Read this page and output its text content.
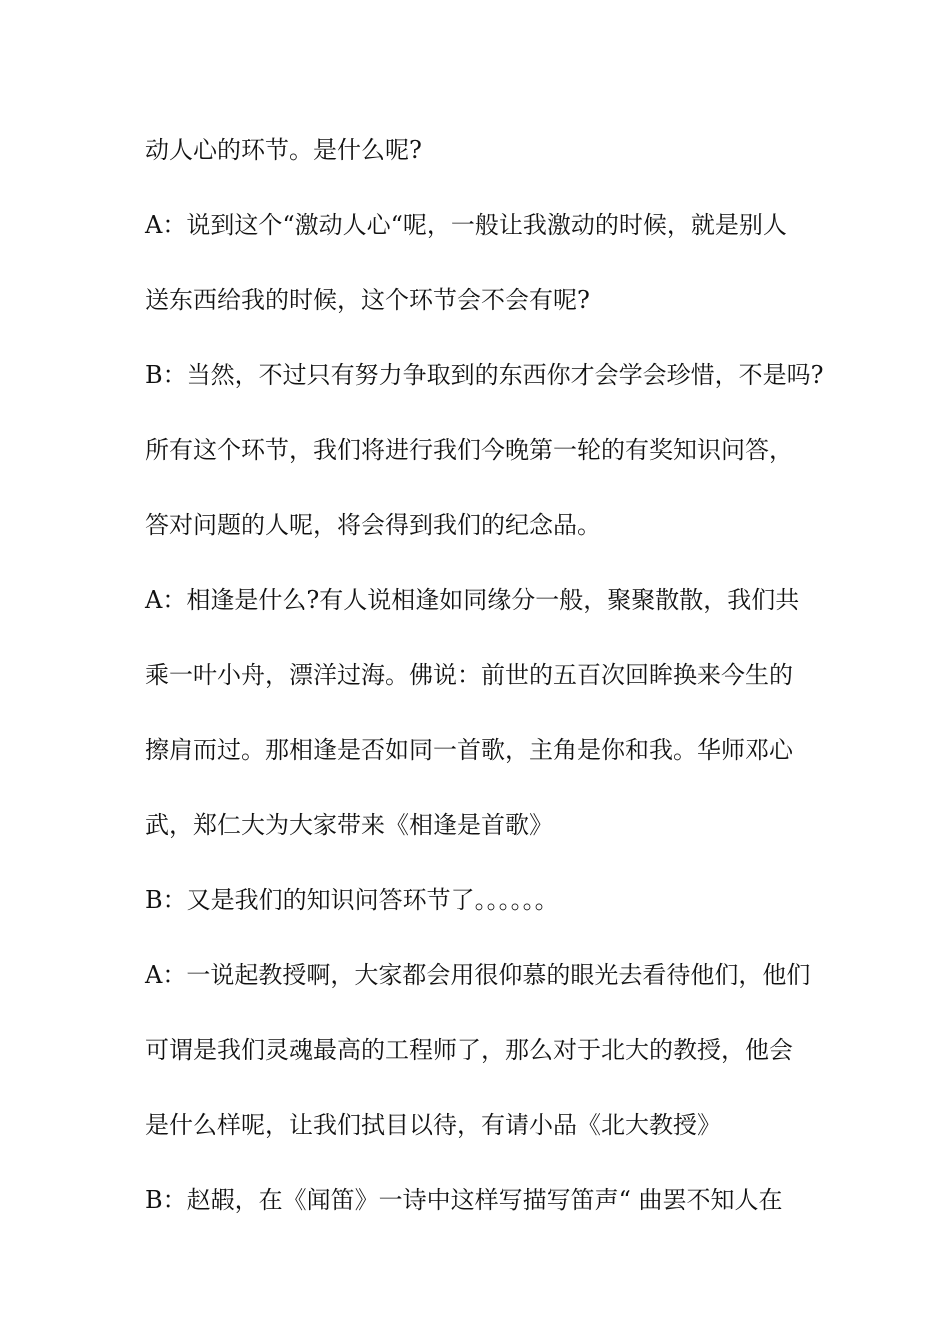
动人心的环节。是什么呢?
A：说到这个“激动人心“呢，一般让我激动的时候，就是别人
送东西给我的时候，这个环节会不会有呢?
B：当然，不过只有努力争取到的东西你才会学会珍惜，不是吗?
所有这个环节，我们将进行我们今晚第一轮的有奖知识问答，
答对问题的人呢，将会得到我们的纪念品。
A：相逢是什么?有人说相逢如同缘分一般，聚聚散散，我们共
乘一叶小舟，漂洋过海。佛说：前世的五百次回眸换来今生的
擦肩而过。那相逢是否如同一首歌，主角是你和我。华师邓心
武，郑仁大为大家带来《相逢是首歌》
B：又是我们的知识问答环节了。。。。。。
A：一说起教授啊，大家都会用很仰慕的眼光去看待他们，他们
可谓是我们灵魂最高的工程师了，那么对于北大的教授，他会
是什么样呢，让我们拭目以待，有请小品《北大教授》
B：赵嘏，在《闻笛》一诗中这样写描写笛声“ 曲罢不知人在
